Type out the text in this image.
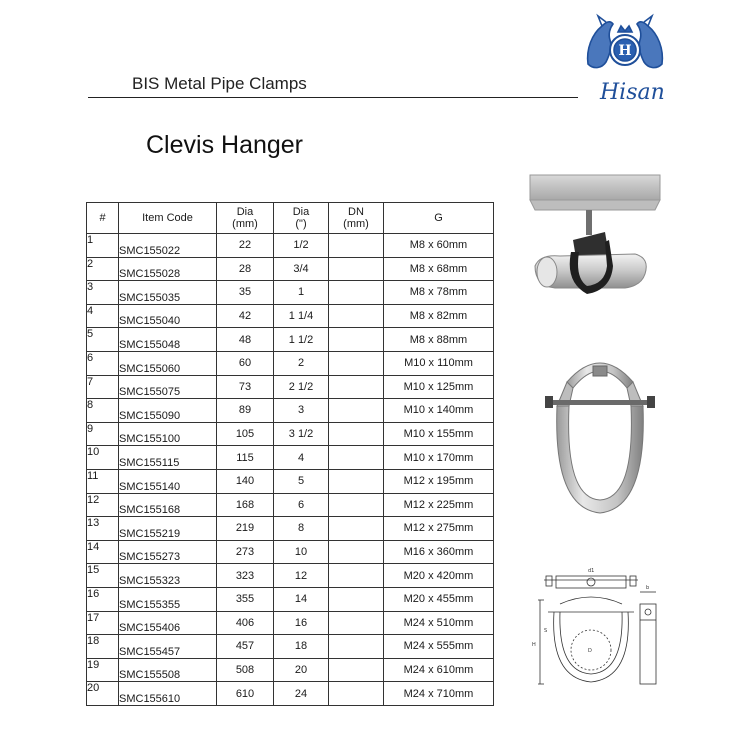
BIS Metal Pipe Clamps
H
Hisan
Clevis Hanger
#	Item Code	Dia	Dia	DN	G
		(mm)	(")	(mm)	
1	SMC155022	22	1/2		M8 x 60mm
2	SMC155028	28	3/4		M8 x 68mm
3	SMC155035	35	1		M8 x 78mm
4	SMC155040	42	1 1/4		M8 x 82mm
5	SMC155048	48	1 1/2		M8 x 88mm
6	SMC155060	60	2		M10 x 110mm
7	SMC155075	73	2 1/2		M10 x 125mm
8	SMC155090	89	3		M10 x 140mm
9	SMC155100	105	3 1/2		M10 x 155mm
10	SMC155115	115	4		M10 x 170mm
11	SMC155140	140	5		M12 x 195mm
12	SMC155168	168	6		M12 x 225mm
13	SMC155219	219	8		M12 x 275mm
14	SMC155273	273	10		M16 x 360mm
15	SMC155323	323	12		M20 x 420mm
16	SMC155355	355	14		M20 x 455mm
17	SMC155406	406	16		M24 x 510mm
18	SMC155457	457	18		M24 x 555mm
19	SMC155508	508	20		M24 x 610mm
20	SMC155610	610	24		M24 x 710mm
d1
b
H
S
D
